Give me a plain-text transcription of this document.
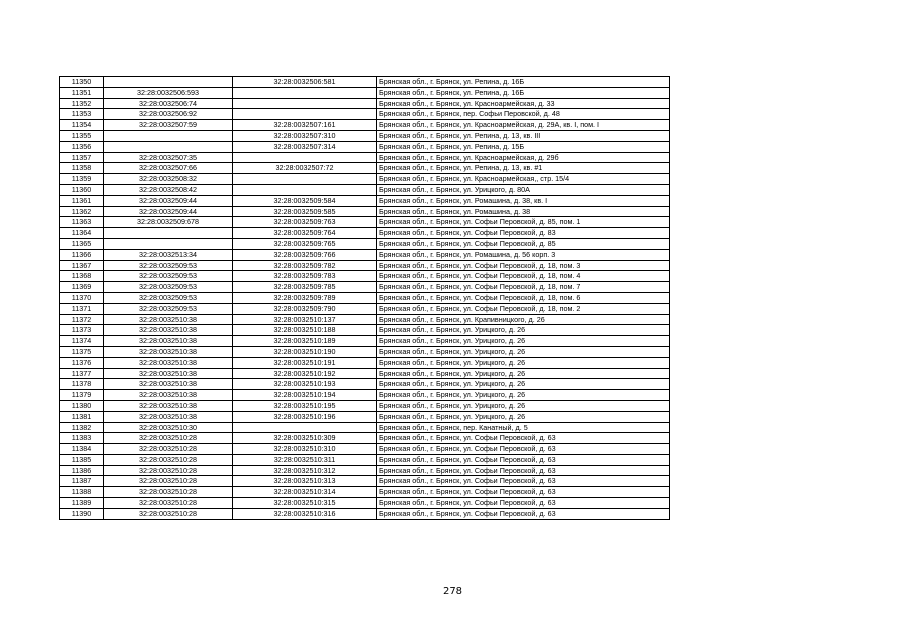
11350		32:28:0032506:581	Брянская обл., г. Брянск, ул. Репина, д. 16Б
11351	32:28:0032506:593		Брянская обл., г. Брянск, ул. Репина, д. 16Б
11352	32:28:0032506:74		Брянская обл., г. Брянск, ул. Красноармейская, д. 33
11353	32:28:0032506:92		Брянская обл., г. Брянск, пер. Софьи Перовской, д. 48
11354	32:28:0032507:59	32:28:0032507:161	Брянская обл., г. Брянск, ул. Красноармейская, д. 29А, кв. I, пом. I
11355		32:28:0032507:310	Брянская обл., г. Брянск, ул. Репина, д. 13, кв. III
11356		32:28:0032507:314	Брянская обл., г. Брянск, ул. Репина, д. 15Б
11357	32:28:0032507:35		Брянская обл., г. Брянск, ул. Красноармейская, д. 29б
11358	32:28:0032507:66	32:28:0032507:72	Брянская обл., г. Брянск, ул. Репина, д. 13, кв. #1
11359	32:28:0032508:32		Брянская обл., г. Брянск, ул. Красноармейская,, стр. 15/4
11360	32:28:0032508:42		Брянская обл., г. Брянск, ул. Урицкого, д. 80А
11361	32:28:0032509:44	32:28:0032509:584	Брянская обл., г. Брянск, ул. Ромашина, д. 38, кв. I
11362	32:28:0032509:44	32:28:0032509:585	Брянская обл., г. Брянск, ул. Ромашина, д. 38
11363	32:28:0032509:678	32:28:0032509:763	Брянская обл., г. Брянск, ул. Софьи Перовской, д. 85, пом. 1
11364		32:28:0032509:764	Брянская обл., г. Брянск, ул. Софьи Перовской, д. 83
11365		32:28:0032509:765	Брянская обл., г. Брянск, ул. Софьи Перовской, д. 85
11366	32:28:0032513:34	32:28:0032509:766	Брянская обл., г. Брянск, ул. Ромашина, д. 56 корп. 3
11367	32:28:0032509:53	32:28:0032509:782	Брянская обл., г. Брянск, ул. Софьи Перовской, д. 18, пом. 3
11368	32:28:0032509:53	32:28:0032509:783	Брянская обл., г. Брянск, ул. Софьи Перовской, д. 18, пом. 4
11369	32:28:0032509:53	32:28:0032509:785	Брянская обл., г. Брянск, ул. Софьи Перовской, д. 18, пом. 7
11370	32:28:0032509:53	32:28:0032509:789	Брянская обл., г. Брянск, ул. Софьи Перовской, д. 18, пом. 6
11371	32:28:0032509:53	32:28:0032509:790	Брянская обл., г. Брянск, ул. Софьи Перовской, д. 18, пом. 2
11372	32:28:0032510:38	32:28:0032510:137	Брянская обл., г. Брянск, ул. Крапивницкого, д. 26
11373	32:28:0032510:38	32:28:0032510:188	Брянская обл., г. Брянск, ул. Урицкого, д. 26
11374	32:28:0032510:38	32:28:0032510:189	Брянская обл., г. Брянск, ул. Урицкого, д. 26
11375	32:28:0032510:38	32:28:0032510:190	Брянская обл., г. Брянск, ул. Урицкого, д. 26
11376	32:28:0032510:38	32:28:0032510:191	Брянская обл., г. Брянск, ул. Урицкого, д. 26
11377	32:28:0032510:38	32:28:0032510:192	Брянская обл., г. Брянск, ул. Урицкого, д. 26
11378	32:28:0032510:38	32:28:0032510:193	Брянская обл., г. Брянск, ул. Урицкого, д. 26
11379	32:28:0032510:38	32:28:0032510:194	Брянская обл., г. Брянск, ул. Урицкого, д. 26
11380	32:28:0032510:38	32:28:0032510:195	Брянская обл., г. Брянск, ул. Урицкого, д. 26
11381	32:28:0032510:38	32:28:0032510:196	Брянская обл., г. Брянск, ул. Урицкого, д. 26
11382	32:28:0032510:30		Брянская обл., г. Брянск, пер. Канатный, д. 5
11383	32:28:0032510:28	32:28:0032510:309	Брянская обл., г. Брянск, ул. Софьи Перовской, д. 63
11384	32:28:0032510:28	32:28:0032510:310	Брянская обл., г. Брянск, ул. Софьи Перовской, д. 63
11385	32:28:0032510:28	32:28:0032510:311	Брянская обл., г. Брянск, ул. Софьи Перовской, д. 63
11386	32:28:0032510:28	32:28:0032510:312	Брянская обл., г. Брянск, ул. Софьи Перовской, д. 63
11387	32:28:0032510:28	32:28:0032510:313	Брянская обл., г. Брянск, ул. Софьи Перовской, д. 63
11388	32:28:0032510:28	32:28:0032510:314	Брянская обл., г. Брянск, ул. Софьи Перовской, д. 63
11389	32:28:0032510:28	32:28:0032510:315	Брянская обл., г. Брянск, ул. Софьи Перовской, д. 63
11390	32:28:0032510:28	32:28:0032510:316	Брянская обл., г. Брянск, ул. Софьи Перовской, д. 63
278
